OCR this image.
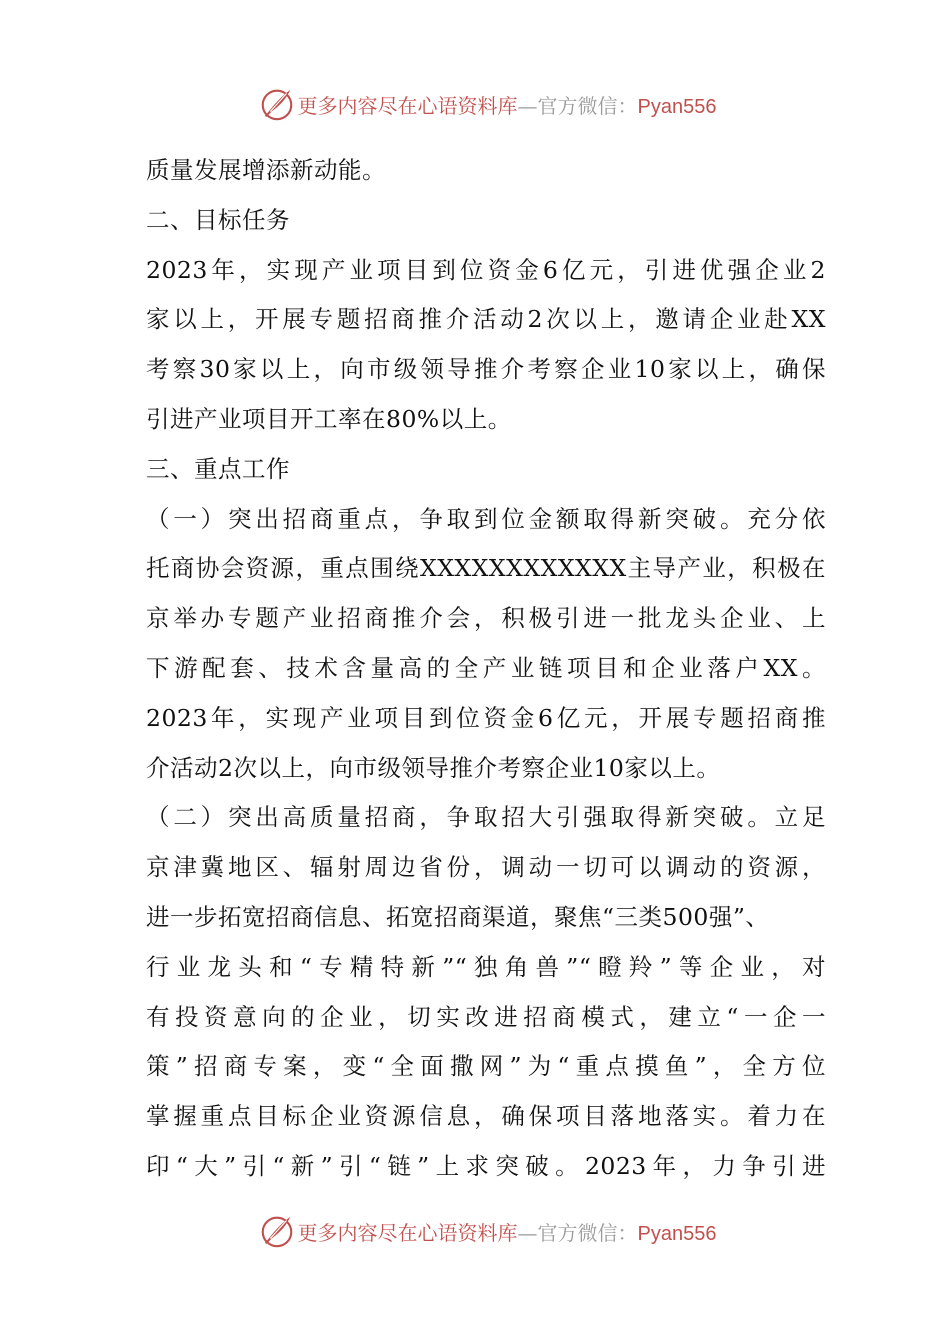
更多内容尽在心语资料库—官方微信：Pyan556
质量发展增添新动能。
二、目标任务
2023年，实现产业项目到位资金6亿元，引进优强企业2
家以上，开展专题招商推介活动2次以上，邀请企业赴XX
考察30家以上，向市级领导推介考察企业10家以上，确保
引进产业项目开工率在80%以上。
三、重点工作
（一）突出招商重点，争取到位金额取得新突破。充分依
托商协会资源，重点围绕XXXXXXXXXXXX主导产业，积极在
京举办专题产业招商推介会，积极引进一批龙头企业、上
下游配套、技术含量高的全产业链项目和企业落户XX。
2023年，实现产业项目到位资金6亿元，开展专题招商推
介活动2次以上，向市级领导推介考察企业10家以上。
（二）突出高质量招商，争取招大引强取得新突破。立足
京津冀地区、辐射周边省份，调动一切可以调动的资源，
进一步拓宽招商信息、拓宽招商渠道，聚焦“三类500强”、
行业龙头和“专精特新”“独角兽”“瞪羚”等企业，对
有投资意向的企业，切实改进招商模式，建立“一企一
策”招商专案，变“全面撒网”为“重点摸鱼”，全方位
掌握重点目标企业资源信息，确保项目落地落实。着力在
印“大”引“新”引“链”上求突破。2023年，力争引进
更多内容尽在心语资料库—官方微信：Pyan556
